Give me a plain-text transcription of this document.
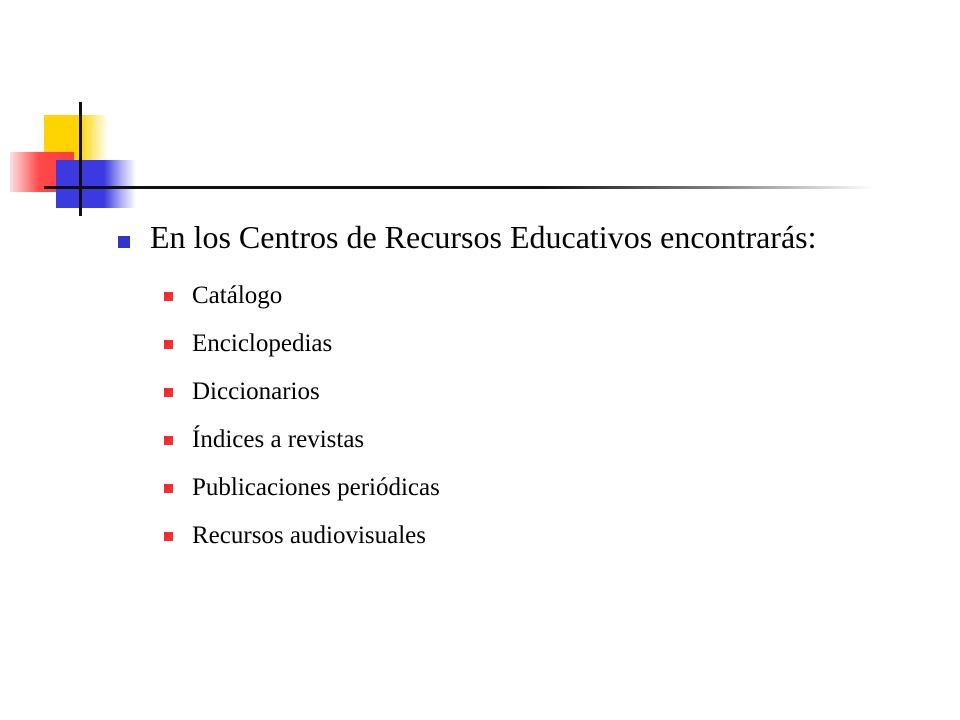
En los Centros de Recursos Educativos encontrarás:
Catálogo
Enciclopedias
Diccionarios
Índices a revistas
Publicaciones periódicas
Recursos audiovisuales
